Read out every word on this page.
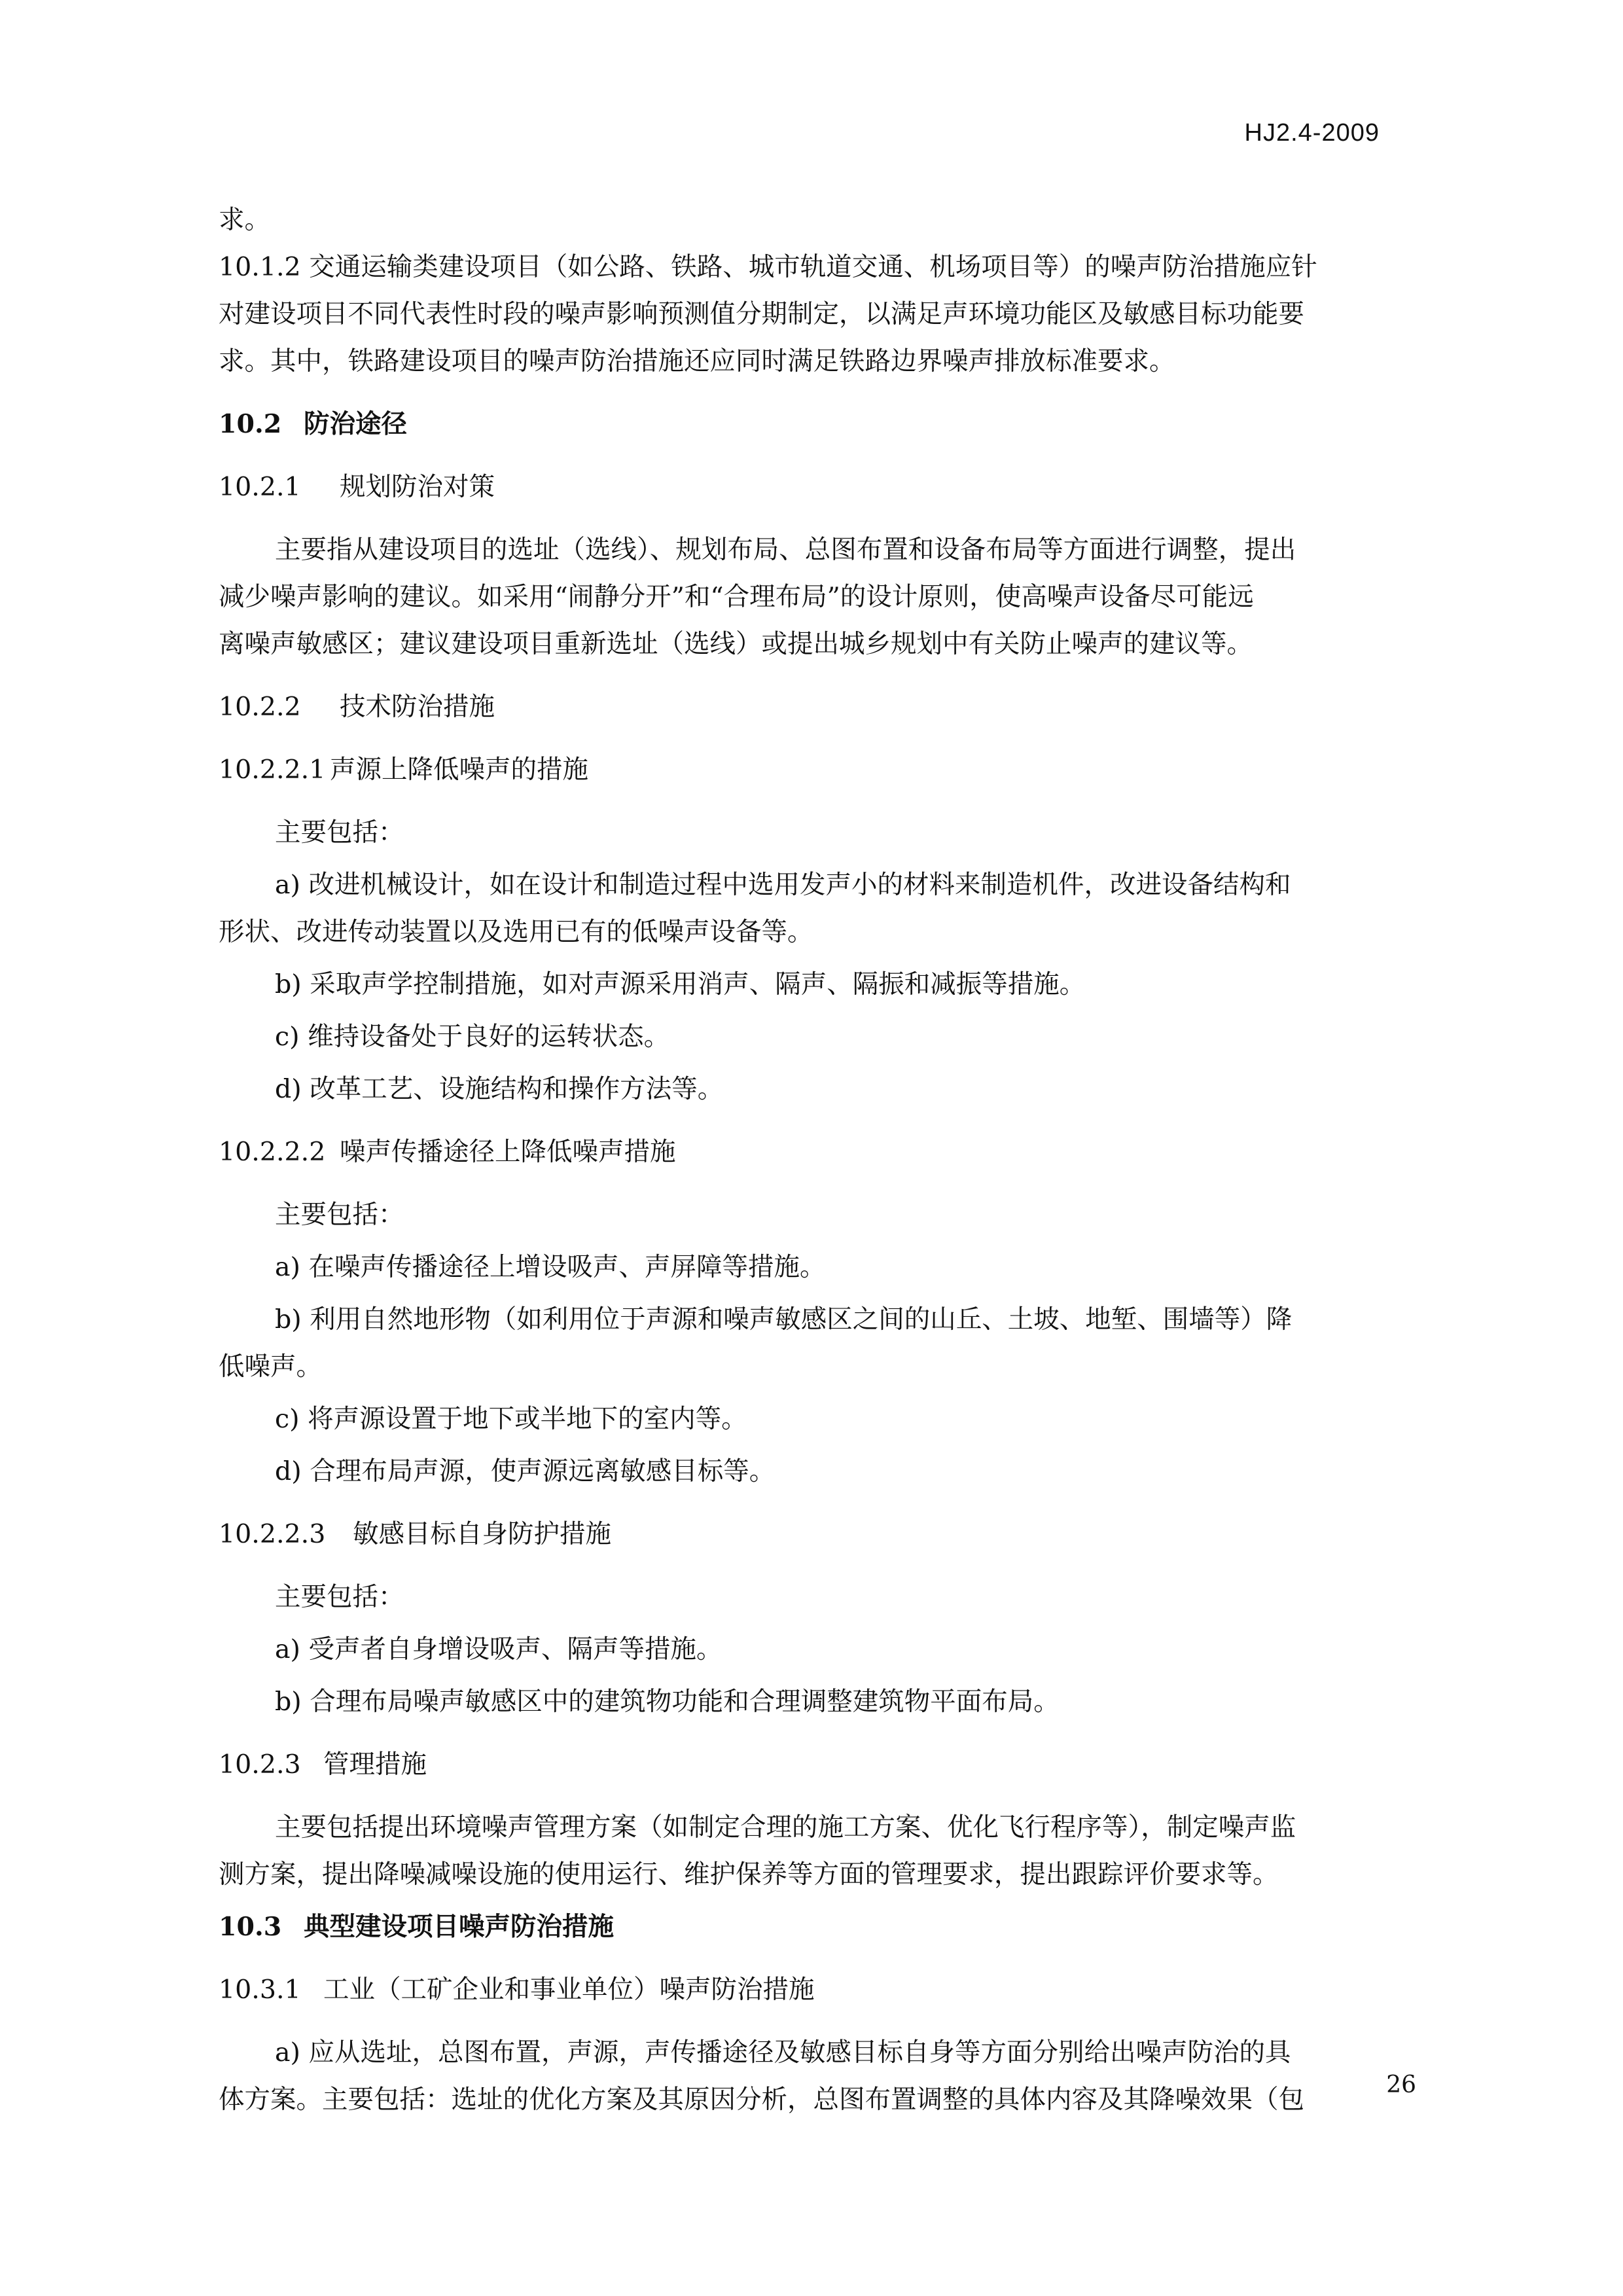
HJ2.4-2009
求。
10.1.2 交通运输类建设项目（如公路、铁路、城市轨道交通、机场项目等）的噪声防治措施应针
对建设项目不同代表性时段的噪声影响预测值分期制定，以满足声环境功能区及敏感目标功能要
求。其中，铁路建设项目的噪声防治措施还应同时满足铁路边界噪声排放标准要求。
10.2 防治途径
10.2.1 规划防治对策
主要指从建设项目的选址（选线）、规划布局、总图布置和设备布局等方面进行调整，提出
减少噪声影响的建议。如采用“闹静分开”和“合理布局”的设计原则，使高噪声设备尽可能远
离噪声敏感区；建议建设项目重新选址（选线）或提出城乡规划中有关防止噪声的建议等。
10.2.2 技术防治措施
10.2.2.1 声源上降低噪声的措施
主要包括：
a) 改进机械设计，如在设计和制造过程中选用发声小的材料来制造机件，改进设备结构和
形状、改进传动装置以及选用已有的低噪声设备等。
b) 采取声学控制措施，如对声源采用消声、隔声、隔振和减振等措施。
c) 维持设备处于良好的运转状态。
d) 改革工艺、设施结构和操作方法等。
10.2.2.2 噪声传播途径上降低噪声措施
主要包括：
a) 在噪声传播途径上增设吸声、声屏障等措施。
b) 利用自然地形物（如利用位于声源和噪声敏感区之间的山丘、土坡、地堑、围墙等）降
低噪声。
c) 将声源设置于地下或半地下的室内等。
d) 合理布局声源，使声源远离敏感目标等。
10.2.2.3 敏感目标自身防护措施
主要包括：
a) 受声者自身增设吸声、隔声等措施。
b) 合理布局噪声敏感区中的建筑物功能和合理调整建筑物平面布局。
10.2.3 管理措施
主要包括提出环境噪声管理方案（如制定合理的施工方案、优化飞行程序等），制定噪声监
测方案，提出降噪减噪设施的使用运行、维护保养等方面的管理要求，提出跟踪评价要求等。
10.3 典型建设项目噪声防治措施
10.3.1 工业（工矿企业和事业单位）噪声防治措施
a) 应从选址，总图布置，声源，声传播途径及敏感目标自身等方面分别给出噪声防治的具
体方案。主要包括：选址的优化方案及其原因分析，总图布置调整的具体内容及其降噪效果（包	26
